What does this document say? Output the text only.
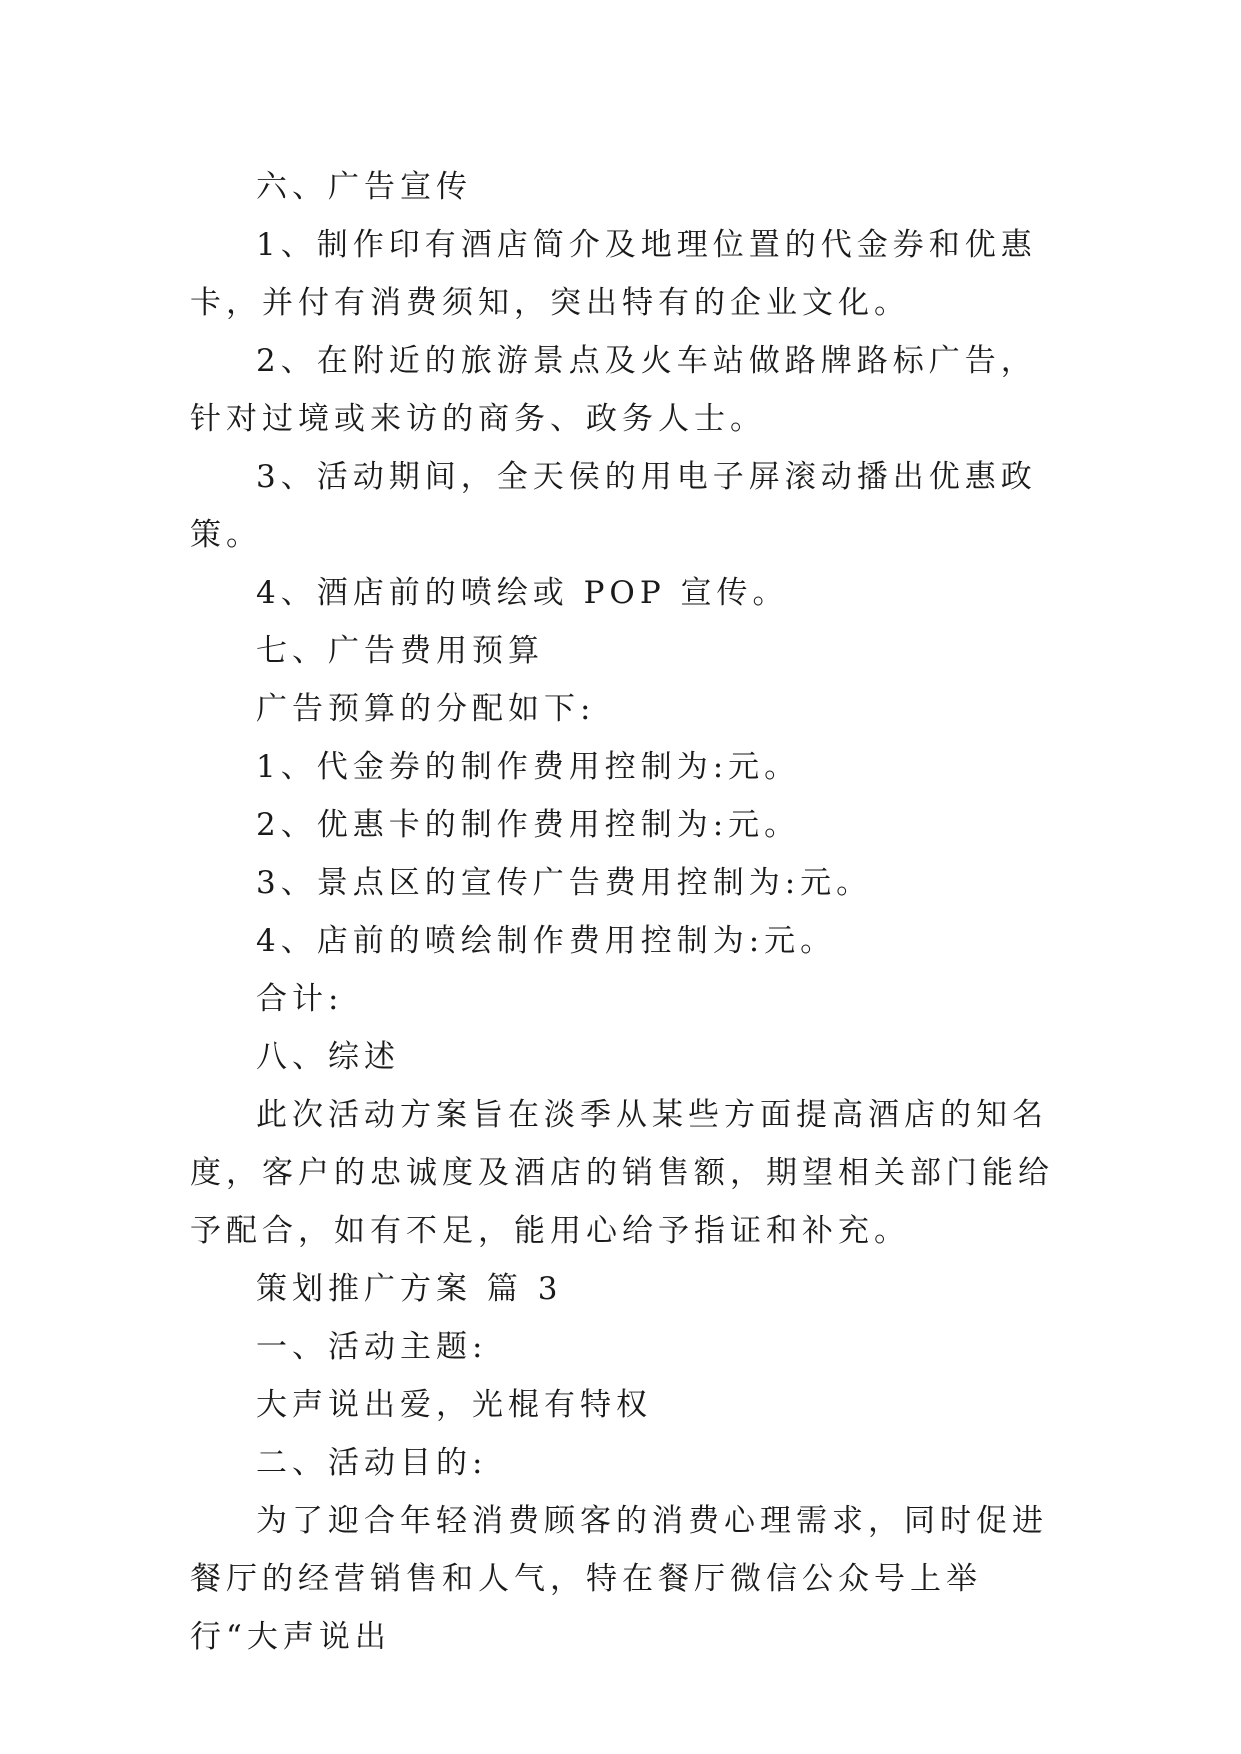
六、广告宣传

1、制作印有酒店简介及地理位置的代金券和优惠卡，并付有消费须知，突出特有的企业文化。

2、在附近的旅游景点及火车站做路牌路标广告，针对过境或来访的商务、政务人士。

3、活动期间，全天侯的用电子屏滚动播出优惠政策。

4、酒店前的喷绘或 POP 宣传。

七、广告费用预算

广告预算的分配如下:

1、代金券的制作费用控制为:元。

2、优惠卡的制作费用控制为:元。

3、景点区的宣传广告费用控制为:元。

4、店前的喷绘制作费用控制为:元。

合计:

八、综述

此次活动方案旨在淡季从某些方面提高酒店的知名度，客户的忠诚度及酒店的销售额，期望相关部门能给予配合，如有不足，能用心给予指证和补充。

策划推广方案 篇 3

一、活动主题:

大声说出爱，光棍有特权

二、活动目的:

为了迎合年轻消费顾客的消费心理需求，同时促进餐厅的经营销售和人气，特在餐厅微信公众号上举行“大声说出
